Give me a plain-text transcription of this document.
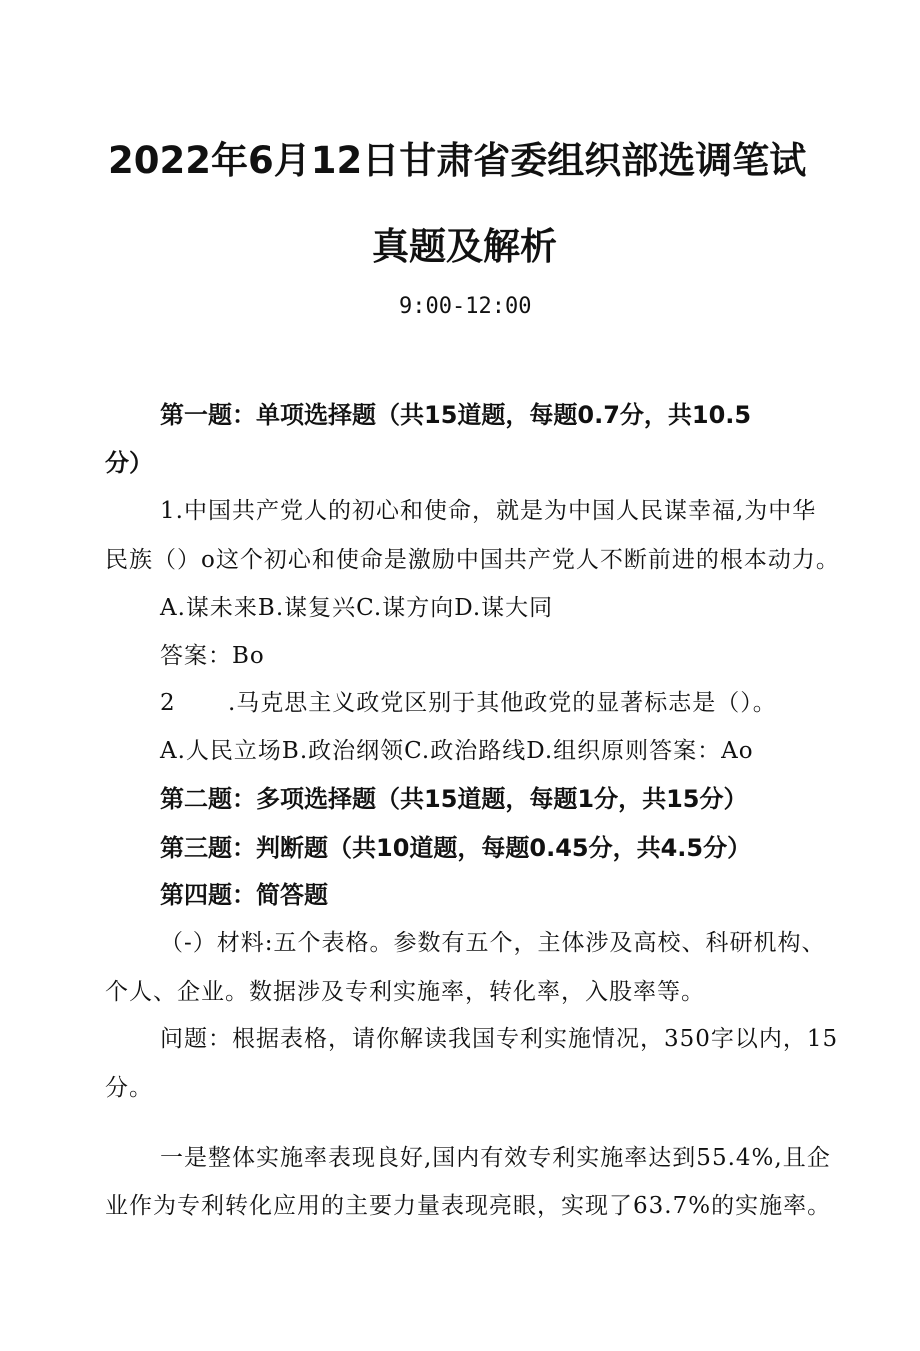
2022年6月12日甘肃省委组织部选调笔试
真题及解析
9:00-12:00
第一题：单项选择题（共15道题，每题0.7分，共10.5
分）
1.中国共产党人的初心和使命，就是为中国人民谋幸福,为中华
民族（）o这个初心和使命是激励中国共产党人不断前进的根本动力。
A.谋未来B.谋复兴C.谋方向D.谋大同
答案：Bo
2 .马克思主义政党区别于其他政党的显著标志是（）。
A.人民立场B.政治纲领C.政治路线D.组织原则答案：Ao
第二题：多项选择题（共15道题，每题1分，共15分）
第三题：判断题（共10道题，每题0.45分，共4.5分）
第四题：简答题
（-）材料:五个表格。参数有五个，主体涉及高校、科研机构、
个人、企业。数据涉及专利实施率，转化率，入股率等。
问题：根据表格，请你解读我国专利实施情况，350字以内，15
分。
一是整体实施率表现良好,国内有效专利实施率达到55.4%,且企
业作为专利转化应用的主要力量表现亮眼，实现了63.7%的实施率。
